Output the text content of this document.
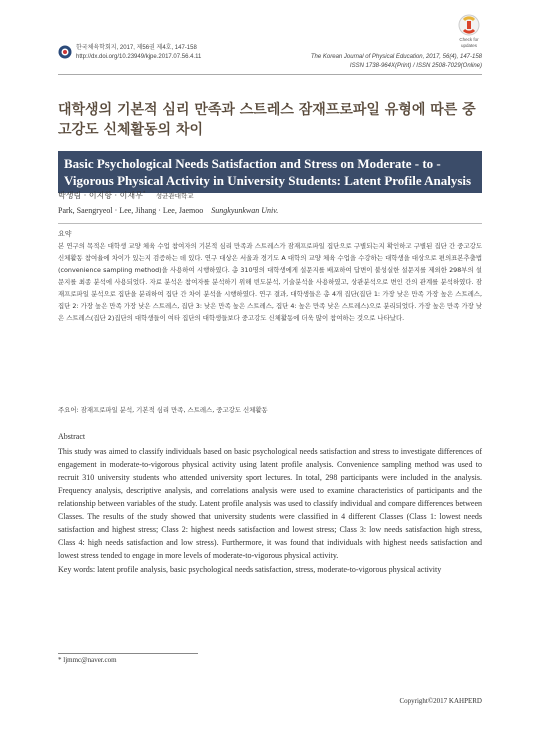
한국체육학회지, 2017, 제56권 제4호, 147-158
http://dx.doi.org/10.23949/kjpe.2017.07.56.4.11	The Korean Journal of Physical Education, 2017, 56(4), 147-158
ISSN 1738-964X(Print) / ISSN 2508-7029(Online)
Check for updates
대학생의 기본적 심리 만족과 스트레스 잠재프로파일 유형에 따른 중고강도 신체활동의 차이
Basic Psychological Needs Satisfaction and Stress on Moderate - to - Vigorous Physical Activity in University Students: Latent Profile Analysis
박생림 · 이지항 · 이재무* 성균관대학교
Park, Saengryeol · Lee, Jihang · Lee, Jaemoo Sungkyunkwan Univ.
요약
본 연구의 목적은 대학생 교양 체육 수업 참여자의 기본적 심리 만족과 스트레스가 잠재프로파일 집단으로 구별되는지 확인하고 구별된 집단 간 중고강도 신체활동 참여율에 차이가 있는지 검증하는 데 있다. 연구 대상은 서울과 경기도 A 대학의 교양 체육 수업을 수강하는 대학생을 대상으로 편의표본추출법(convenience sampling method)을 사용하여 시행하였다. 총 310명의 대학생에게 설문지를 배포하여 답변이 불성실한 설문지를 제외한 298부의 설문지를 최종 분석에 사용되었다. 자료 분석은 참여자를 분석하기 위해 빈도분석, 기술분석을 사용하였고, 상관분석으로 변인 간의 관계를 분석하였다. 잠재프로파일 분석으로 집단을 분리하여 집단 간 차이 분석을 시행하였다. 연구 결과, 대학생들은 총 4개 집단(집단 1: 가장 낮은 만족 가장 높은 스트레스, 집단 2: 가장 높은 만족 가장 낮은 스트레스, 집단 3: 낮은 만족 높은 스트레스, 집단 4: 높은 만족 낮은 스트레스)으로 분리되었다. 가장 높은 만족 가장 낮은 스트레스(집단 2)집단의 대학생들이 여타 집단의 대학생들보다 중고강도 신체활동에 더욱 많이 참여하는 것으로 나타났다.
주요어: 잠재프로파일 분석, 기본적 심리 만족, 스트레스, 중고강도 신체활동
Abstract
This study was aimed to classify individuals based on basic psychological needs satisfaction and stress to investigate differences of engagement in moderate-to-vigorous physical activity using latent profile analysis. Convenience sampling method was used to recruit 310 university students who attended university sport lectures. In total, 298 participants were included in the analysis. Frequency analysis, descriptive analysis, and correlations analysis were used to examine characteristics of participants and the relationship between variables of the study. Latent profile analysis was used to classify individual and compare differences between Classes. The results of the study showed that university students were classified in 4 different Classes (Class 1: lowest needs satisfaction and highest stress; Class 2: highest needs satisfaction and lowest stress; Class 3: low needs satisfaction high stress, Class 4: high needs satisfaction and low stress). Furthermore, it was found that individuals with highest needs satisfaction and lowest stress tended to engage in more levels of moderate-to-vigorous physical activity.
Key words: latent profile analysis, basic psychological needs satisfaction, stress, moderate-to-vigorous physical activity
* ljmmc@naver.com
Copyright©2017 KAHPERD
